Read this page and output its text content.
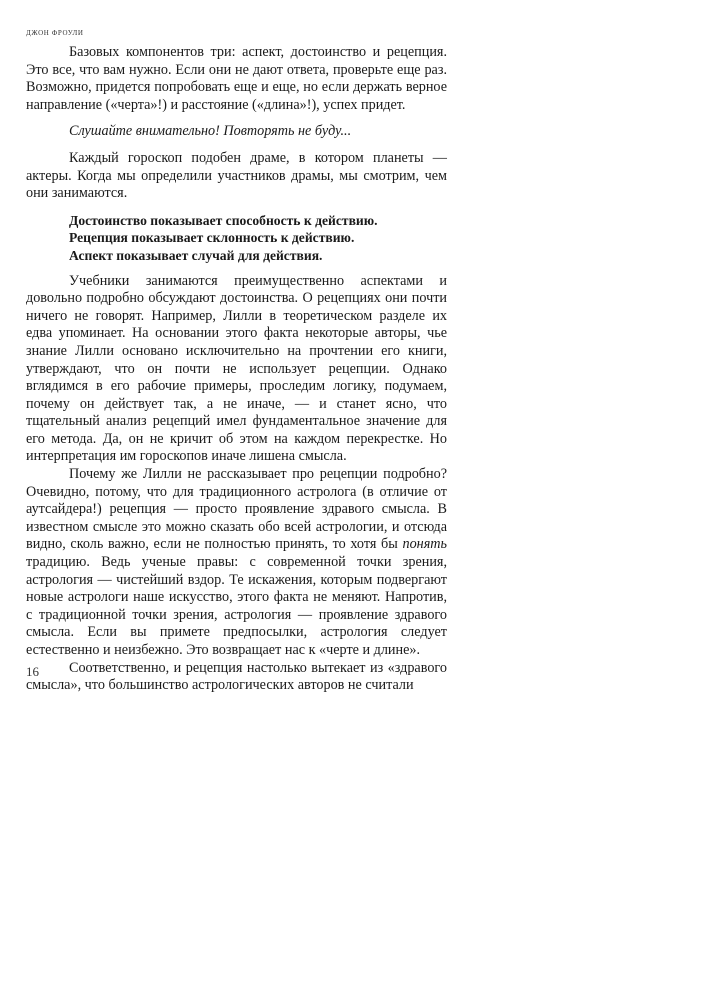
ДЖОН ФРОУЛИ

Базовых компонентов три: аспект, достоинство и рецепция. Это все, что вам нужно. Если они не дают ответа, проверьте еще раз. Возможно, придется попробовать еще и еще, но если держать верное направление («черта»!) и расстояние («длина»!), успех придет.

Слушайте внимательно! Повторять не буду...

Каждый гороскоп подобен драме, в котором планеты — актеры. Когда мы определили участников драмы, мы смотрим, чем они занимаются.

Достоинство показывает способность к действию.
Рецепция показывает склонность к действию.
Аспект показывает случай для действия.

Учебники занимаются преимущественно аспектами и довольно подробно обсуждают достоинства. О рецепциях они почти ничего не говорят. Например, Лилли в теоретическом разделе их едва упоминает. На основании этого факта некоторые авторы, чье знание Лилли основано исключительно на прочтении его книги, утверждают, что он почти не использует рецепции. Однако вглядимся в его рабочие примеры, проследим логику, подумаем, почему он действует так, а не иначе, — и станет ясно, что тщательный анализ рецепций имел фундаментальное значение для его метода. Да, он не кричит об этом на каждом перекрестке. Но интерпретация им гороскопов иначе лишена смысла.

Почему же Лилли не рассказывает про рецепции подробно? Очевидно, потому, что для традиционного астролога (в отличие от аутсайдера!) рецепция — просто проявление здравого смысла. В известном смысле это можно сказать обо всей астрологии, и отсюда видно, сколь важно, если не полностью принять, то хотя бы понять традицию. Ведь ученые правы: с современной точки зрения, астрология — чистейший вздор. Те искажения, которым подвергают новые астрологи наше искусство, этого факта не меняют. Напротив, с традиционной точки зрения, астрология — проявление здравого смысла. Если вы примете предпосылки, астрология следует естественно и неизбежно. Это возвращает нас к «черте и длине».

Соответственно, и рецепция настолько вытекает из «здравого смысла», что большинство астрологических авторов не считали

16
